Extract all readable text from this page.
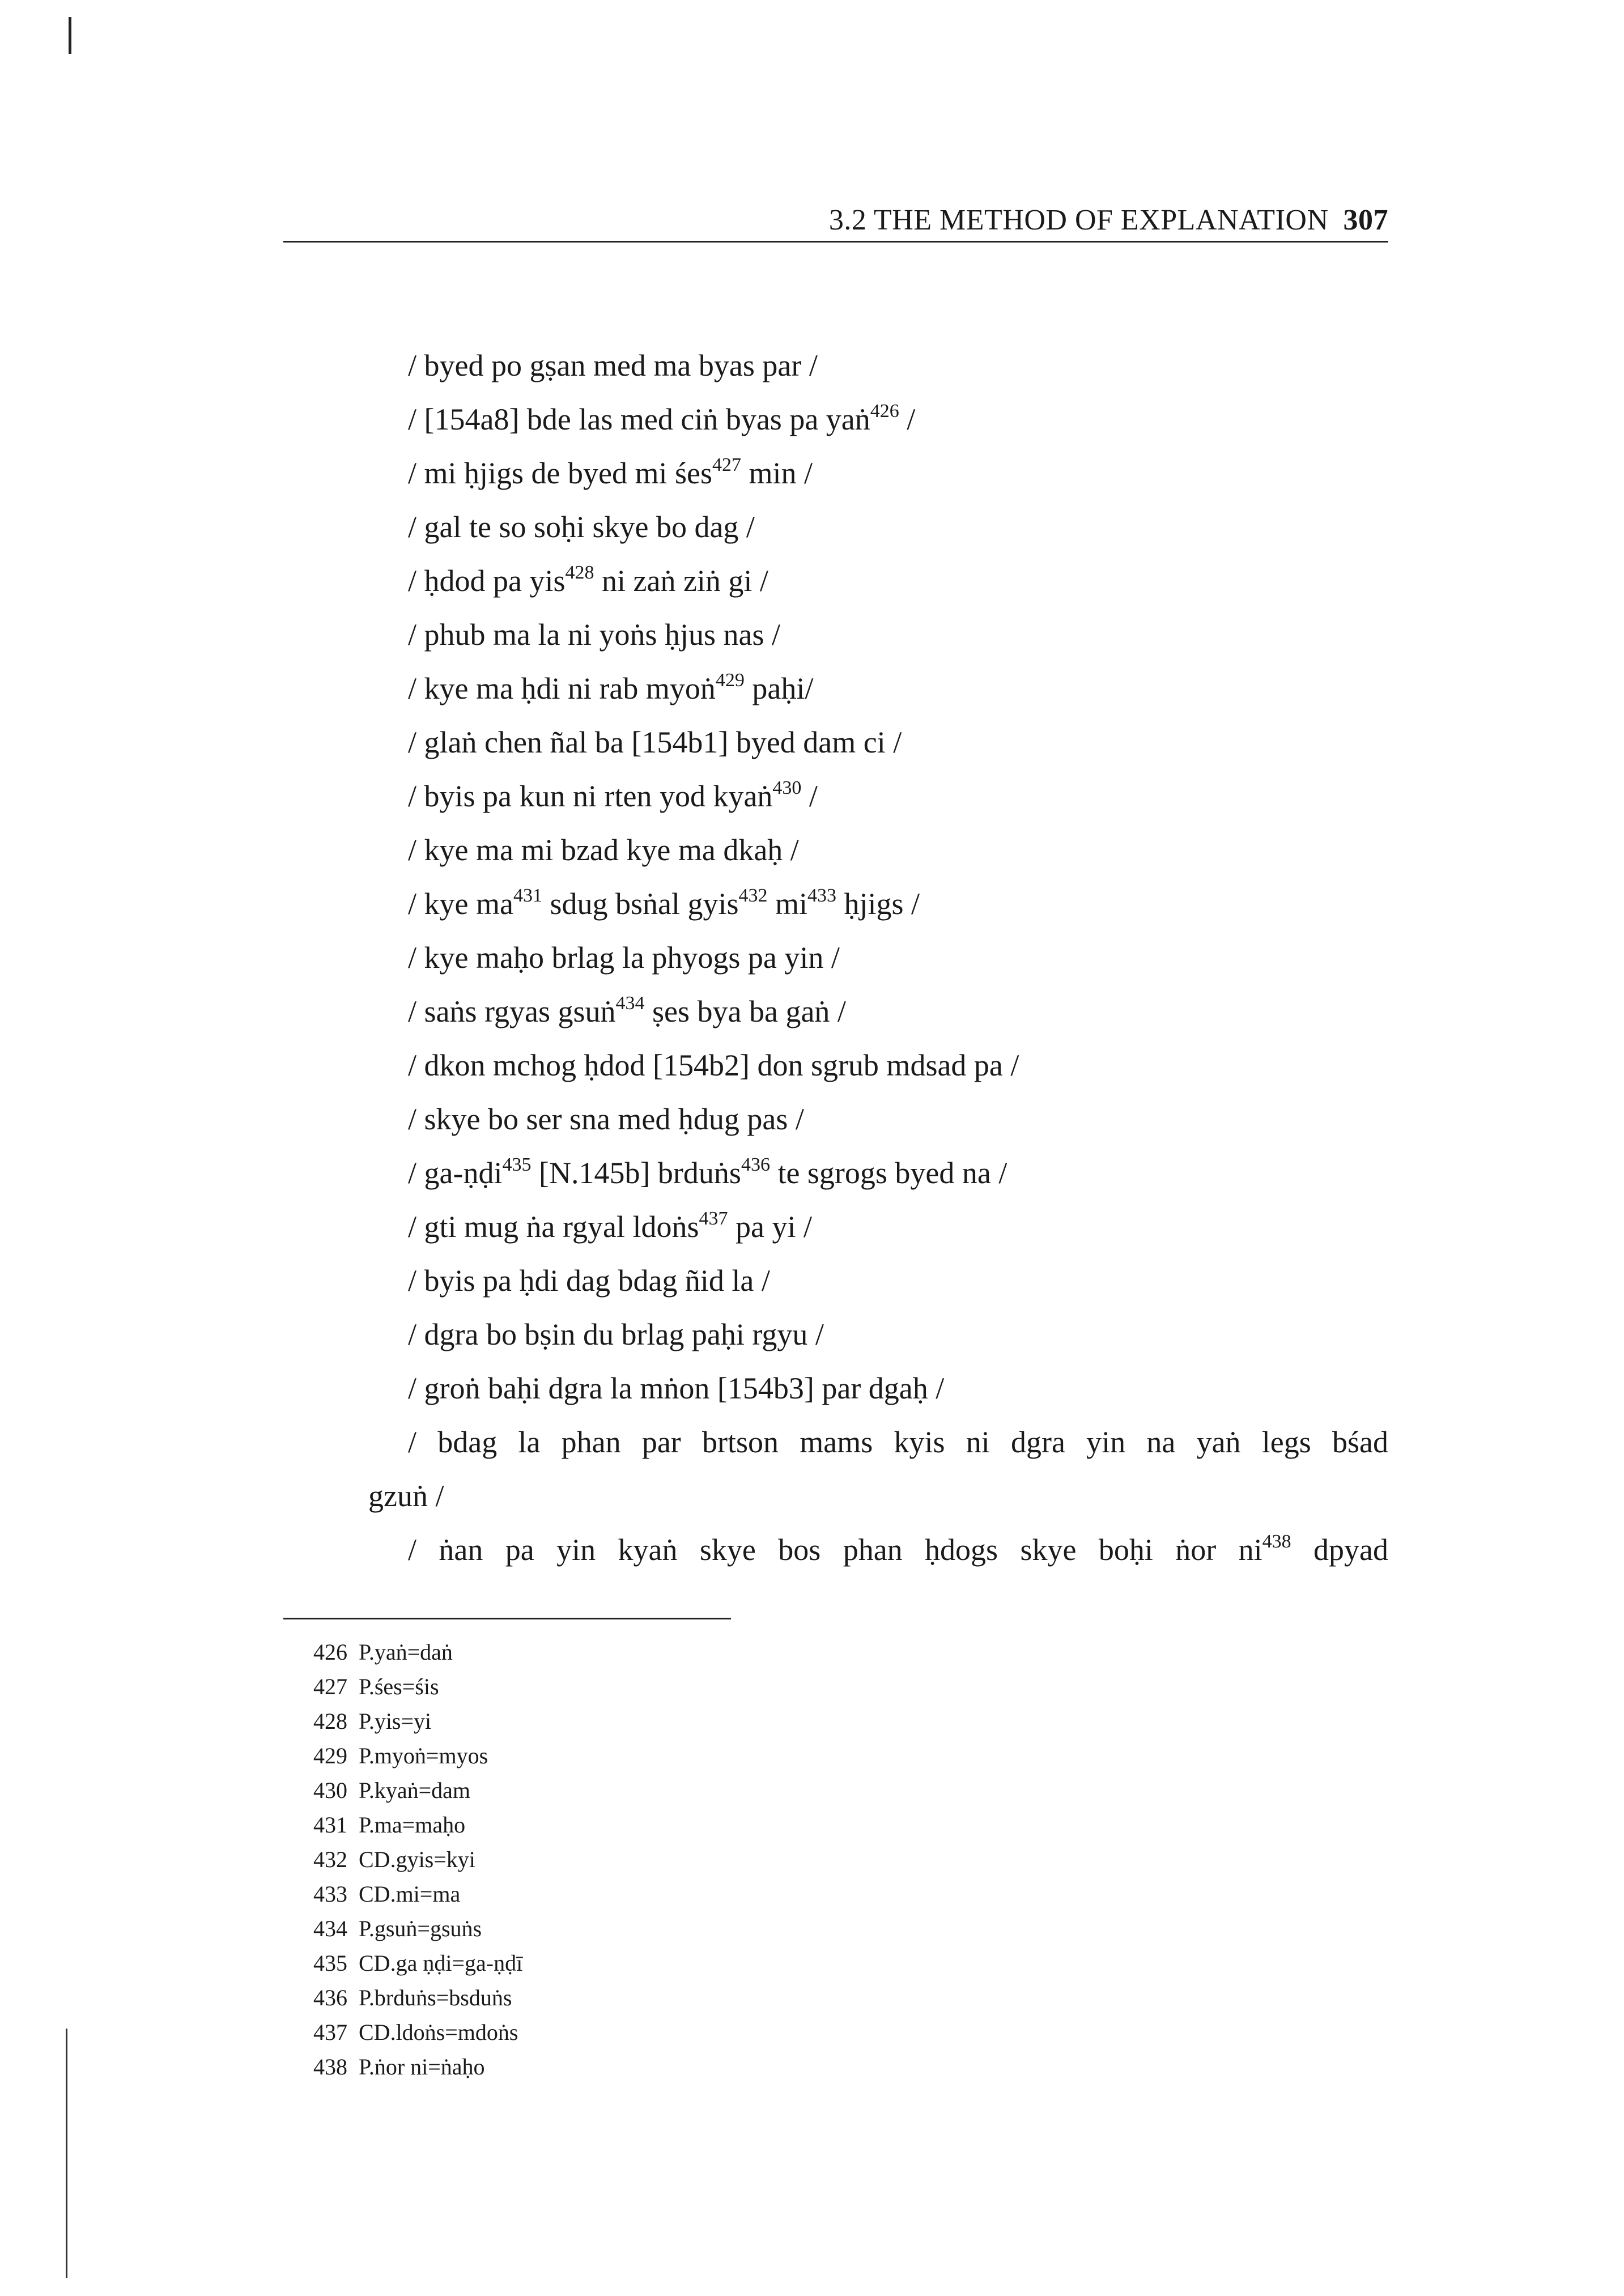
3.2 THE METHOD OF EXPLANATION 307
/ byed po gṣan med ma byas par /
/ [154a8] bde las med ciṅ byas pa yaṅ$^{426}$ /
/ mi ḥjigs de byed mi śes$^{427}$ min /
/ gal te so soḥi skye bo dag /
/ ḥdod pa yis$^{428}$ ni zaṅ ziṅ gi /
/ phub ma la ni yoṅs ḥjus nas /
/ kye ma ḥdi ni rab myoṅ$^{429}$ paḥi/
/ glaṅ chen ñal ba [154b1] byed dam ci /
/ byis pa kun ni rten yod kyaṅ$^{430}$ /
/ kye ma mi bzad kye ma dkaḥ /
/ kye $ma^{431}$ sdug bsṅal gyis$^{432}$ $mi^{433}$ ḥjigs /
/ kye maḥo brlag la phyogs pa yin /
/ saṅs rgyas gsuṅ$^{434}$ ṣes bya ba gaṅ /
/ dkon mchog ḥdod [154b2] don sgrub mdsad pa /
/ skye bo ser sna med ḥdug pas /
/ ga-ṇḍi$^{435}$ [N.145b] brduṅs$^{436}$ te sgrogs byed na /
/ gti mug ṅa rgyal ldoṅs$^{437}$ pa yi /
/ byis pa ḥdi dag bdag ñid la /
/ dgra bo bṣin du brlag paḥi rgyu /
/ groṅ baḥi dgra la mṅon [154b3] par dgaḥ /
/ bdag la phan par brtson mams kyis ni dgra yin na yaṅ legs bśad
gzuṅ /
/ ṅan pa yin kyaṅ skye bos phan ḥdogs skye boḥi ṅor $ni^{438}$ dpyad
426 P.yaṅ=daṅ
427 P.śes=śis
428 P.yis=yi
429 P.myoṅ=myos
430 P.kyaṅ=dam
431 P.ma=maḥo
432 CD.gyis=kyi
433 CD.mi=ma
434 P.gsuṅ=gsuṅs
435 CD.ga ṇḍi=ga-ṇḍī
436 P.brduṅs=bsduṅs
437 CD.ldoṅs=mdoṅs
438 P.ṅor ni=ṅaḥo
